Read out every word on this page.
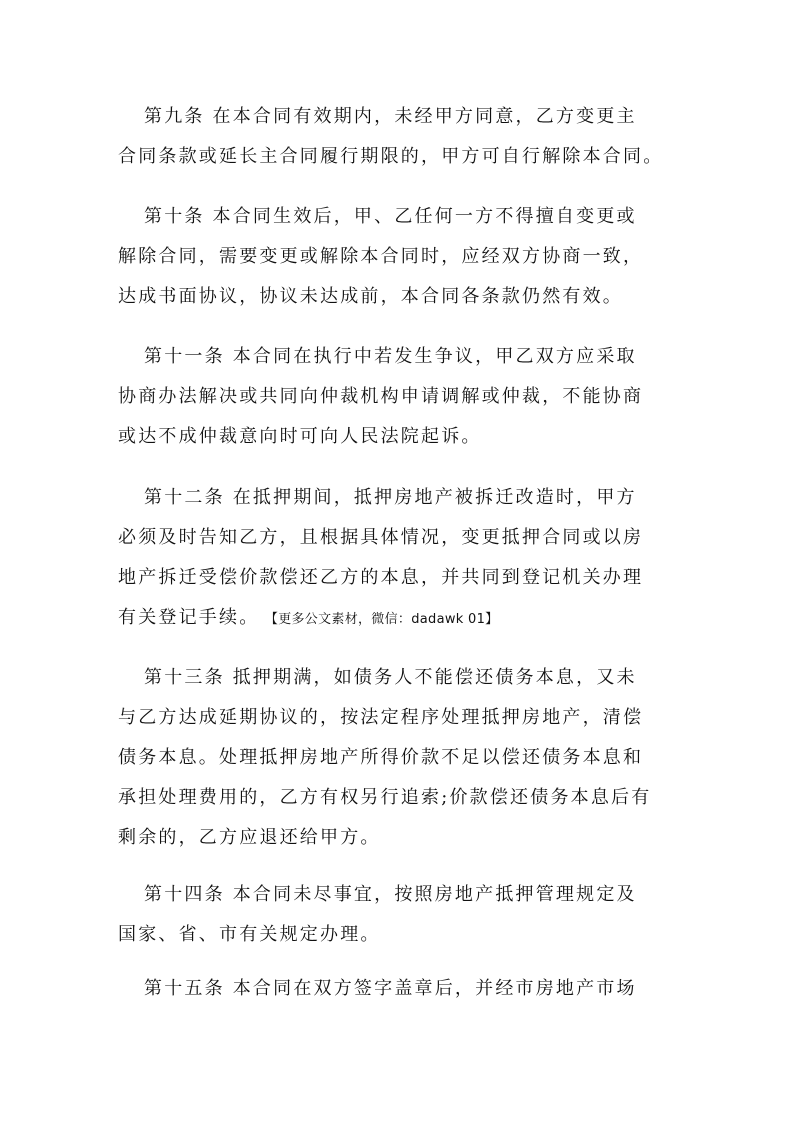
第九条 在本合同有效期内，未经甲方同意，乙方变更主
合同条款或延长主合同履行期限的，甲方可自行解除本合同。
第十条 本合同生效后，甲、乙任何一方不得擅自变更或
解除合同，需要变更或解除本合同时，应经双方协商一致，
达成书面协议，协议未达成前，本合同各条款仍然有效。
第十一条 本合同在执行中若发生争议，甲乙双方应采取
协商办法解决或共同向仲裁机构申请调解或仲裁，不能协商
或达不成仲裁意向时可向人民法院起诉。
第十二条 在抵押期间，抵押房地产被拆迁改造时，甲方
必须及时告知乙方，且根据具体情况，变更抵押合同或以房
地产拆迁受偿价款偿还乙方的本息，并共同到登记机关办理
有关登记手续。 【更多公文素材，微信：dadawk 01】
第十三条 抵押期满，如债务人不能偿还债务本息，又未
与乙方达成延期协议的，按法定程序处理抵押房地产，清偿
债务本息。处理抵押房地产所得价款不足以偿还债务本息和
承担处理费用的，乙方有权另行追索;价款偿还债务本息后有
剩余的，乙方应退还给甲方。
第十四条 本合同未尽事宜，按照房地产抵押管理规定及
国家、省、市有关规定办理。
第十五条 本合同在双方签字盖章后，并经市房地产市场
